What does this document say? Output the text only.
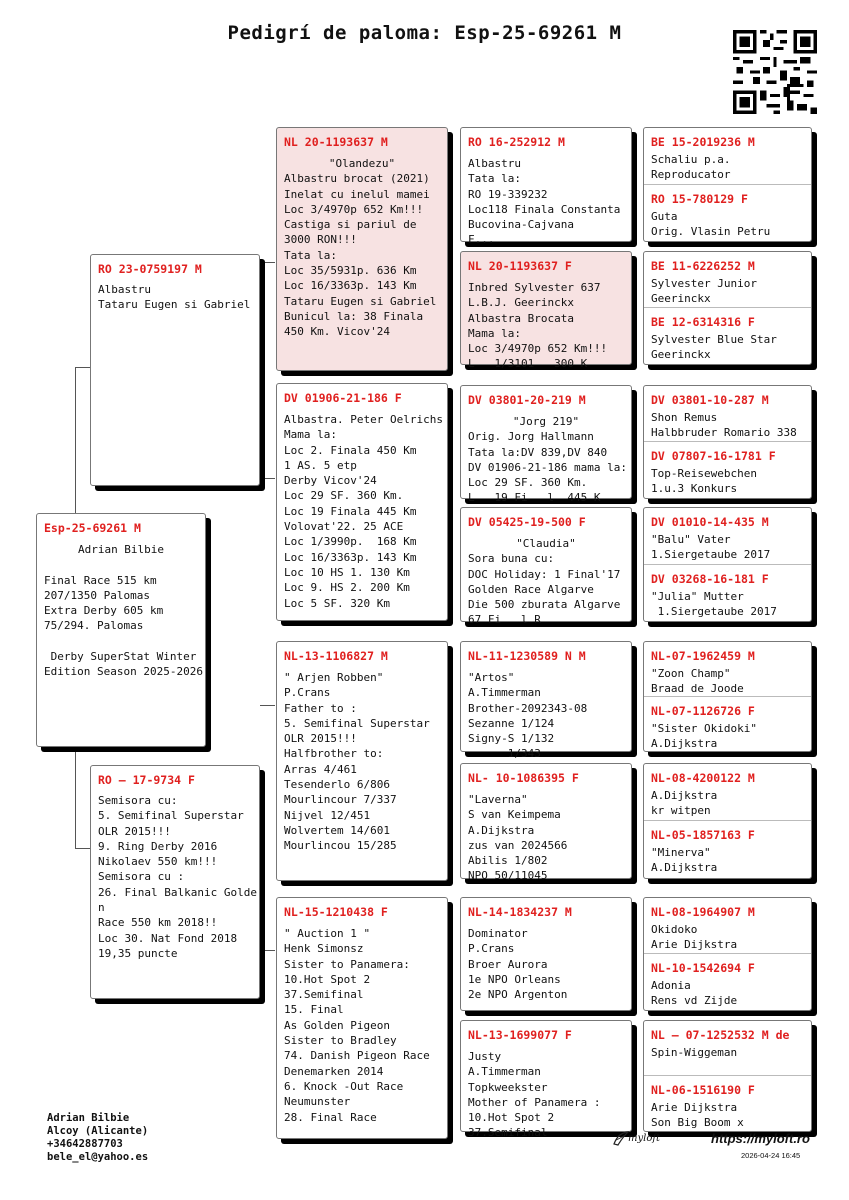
Pedigrí de paloma: Esp-25-69261 M
Esp-25-69261 M
Adrian Bilbie

Final Race 515 km
207/1350 Palomas
Extra Derby 605 km
75/294. Palomas

Derby SuperStat Winter
Edition Season 2025-2026
RO 23-0759197 M
Albastru
Tataru Eugen si Gabriel
RO – 17-9734 F
Semisora cu:
5. Semifinal Superstar
OLR 2015!!!
9. Ring Derby 2016
Nikolaev 550 km!!!
Semisora cu :
26. Final Balkanic Golde
n
Race 550 km 2018!!
Loc 30. Nat Fond 2018
19,35 puncte
NL 20-1193637 M
"Olandezu"
Albastru brocat (2021)
Inelat cu inelul mamei
Loc 3/4970p 652 Km!!!
Castiga si pariul de
3000 RON!!!
Tata la:
Loc 35/5931p. 636 Km
Loc 16/3363p. 143 Km
Tataru Eugen si Gabriel
Bunicul la: 38 Finala
450 Km. Vicov'24
DV 01906-21-186 F
Albastra. Peter Oelrichs
Mama la:
Loc 2. Finala 450 Km
1 AS. 5 etp
Derby Vicov'24
Loc 29 SF. 360 Km.
Loc 19 Finala 445 Km
Volovat'22. 25 ACE
Loc 1/3990p.  168 Km
Loc 16/3363p. 143 Km
Loc 10 HS 1. 130 Km
Loc 9. HS 2. 200 Km
Loc 5 SF. 320 Km
NL-13-1106827 M
" Arjen Robben"
P.Crans
Father to :
5. Semifinal Superstar
OLR 2015!!!
Halfbrother to:
Arras 4/461
Tesenderlo 6/806
Mourlincour 7/337
Nijvel 12/451
Wolvertem 14/601
Mourlincou 15/285
NL-15-1210438 F
" Auction 1 "
Henk Simonsz
Sister to Panamera:
10.Hot Spot 2
37.Semifinal
15. Final
As Golden Pigeon
Sister to Bradley
74. Danish Pigeon Race
Denemarken 2014
6. Knock -Out Race
Neumunster
28. Final Race
RO 16-252912 M
Albastru
Tata la:
RO 19-339232
Loc118 Finala Constanta
Bucovina-Cajvana
F...
NL 20-1193637 F
Inbred Sylvester 637
L.B.J. Geerinckx
Albastra Brocata
Mama la:
Loc 3/4970p 652 Km!!!
L   1/3101   300 K
DV 03801-20-219 M
"Jorg 219"
Orig. Jorg Hallmann
Tata la:DV 839,DV 840
DV 01906-21-186 mama la:
Loc 29 SF. 360 Km.
L   19 Fi   l  445 K
DV 05425-19-500 F
"Claudia"
Sora buna cu:
DOC Holiday: 1 Final'17
Golden Race Algarve
Die 500 zburata Algarve
67 Fi   l R
NL-11-1230589 N M
"Artos"
A.Timmerman
Brother-2092343-08
Sezanne 1/124
Signy-S 1/132
1/343
NL- 10-1086395 F
"Laverna"
S van Keimpema
A.Dijkstra
zus van 2024566
Abilis 1/802
NPO 50/11045
NL-14-1834237 M
Dominator
P.Crans
Broer Aurora
1e NPO Orleans
2e NPO Argenton
NL-13-1699077 F
Justy
A.Timmerman
Topkweekster
Mother of Panamera :
10.Hot Spot 2
37.Semifinal
BE 15-2019236 M
Schaliu p.a.
Reproducator
RO 15-780129 F
Guta
Orig. Vlasin Petru
BE 11-6226252 M
Sylvester Junior
Geerinckx
BE 12-6314316 F
Sylvester Blue Star
Geerinckx
DV 03801-10-287 M
Shon Remus
Halbbruder Romario 338
DV 07807-16-1781 F
Top-Reisewebchen
1.u.3 Konkurs
DV 01010-14-435 M
"Balu" Vater
1.Siergetaube 2017
DV 03268-16-181 F
"Julia" Mutter
1.Siergetaube 2017
NL-07-1962459 M
"Zoon Champ"
Braad de Joode
NL-07-1126726 F
"Sister Okidoki"
A.Dijkstra
NL-08-4200122 M
A.Dijkstra
kr witpen
NL-05-1857163 F
"Minerva"
A.Dijkstra
NL-08-1964907 M
Okidoko
Arie Dijkstra
NL-10-1542694 F
Adonia
Rens vd Zijde
NL – 07-1252532 M de
Spin-Wiggeman
NL-06-1516190 F
Arie Dijkstra
Son Big Boom x
Adrian Bilbie
Alcoy (Alicante)
+34642887703
bele_el@yahoo.es
myloft	https://myloft.ro
2026-04-24 16:45
